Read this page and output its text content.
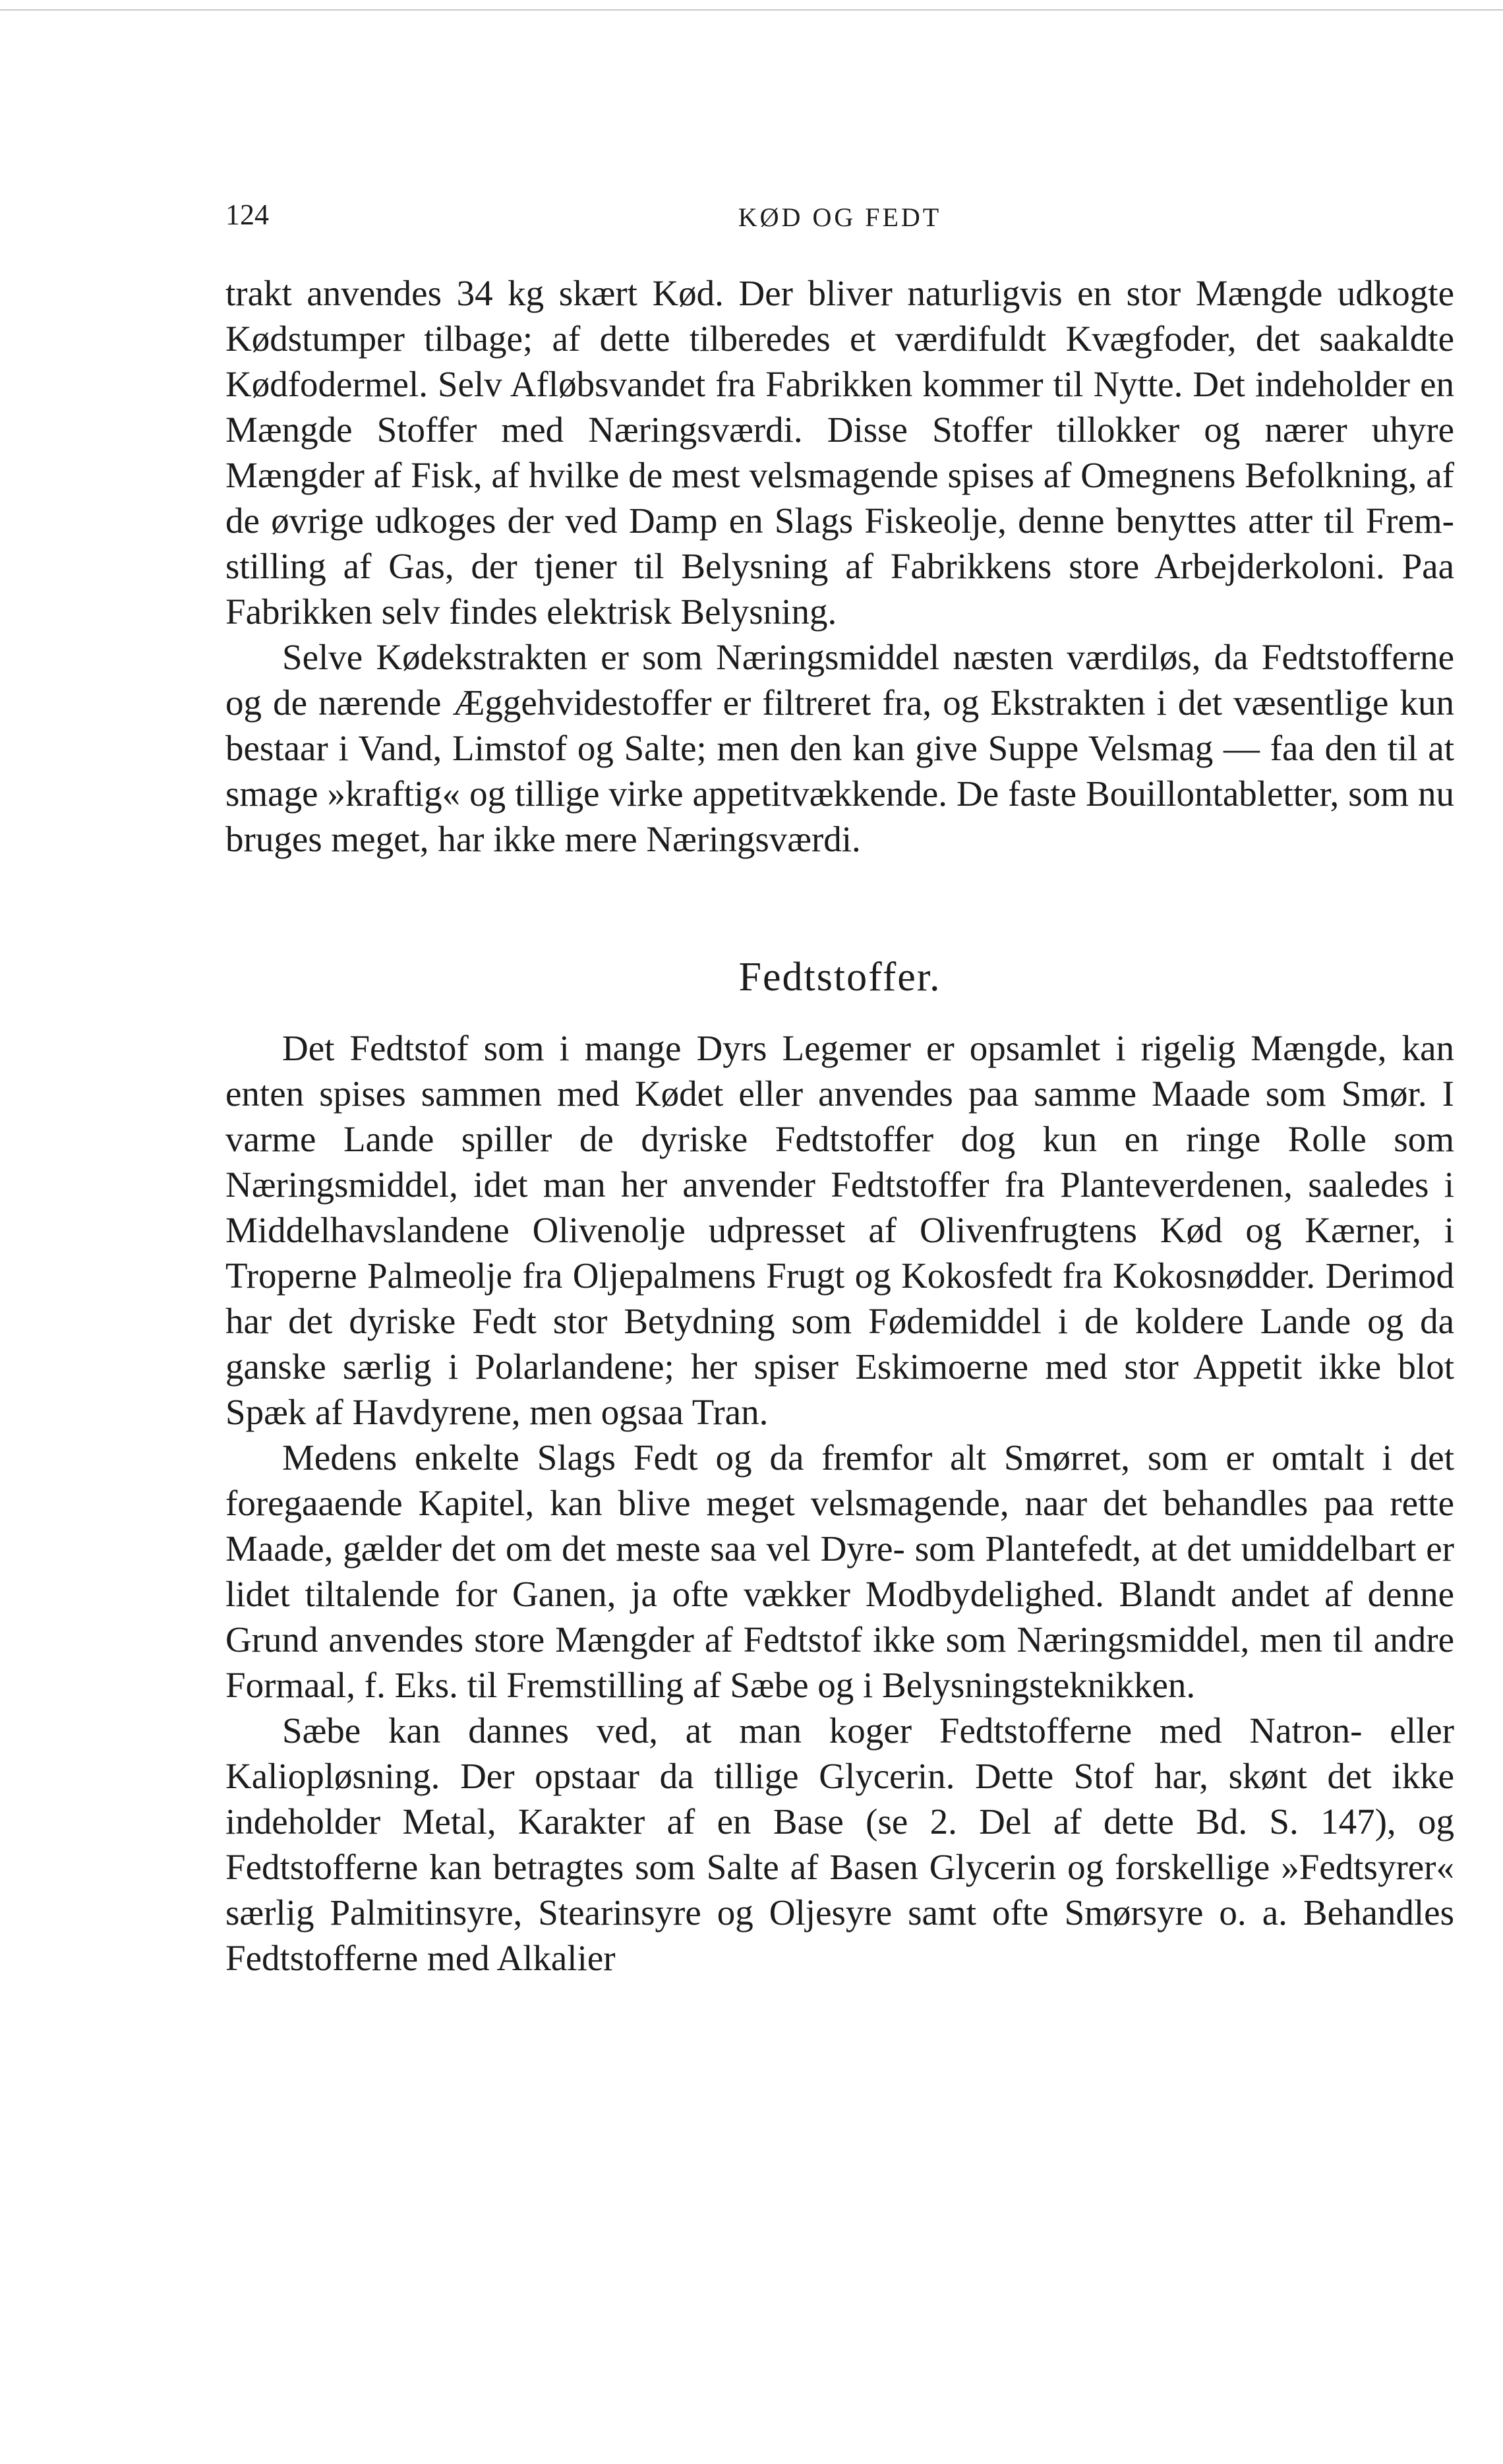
124	KØD OG FEDT

trakt anvendes 34 kg skært Kød. Der bliver naturligvis en stor Mængde udkogte Kødstumper tilbage; af dette tilberedes et værdifuldt Kvægfoder, det saakaldte Kødfodermel. Selv Afløbsvandet fra Fabrikken kommer til Nytte. Det indeholder en Mængde Stoffer med Næringsværdi. Disse Stoffer tillokker og nærer uhyre Mængder af Fisk, af hvilke de mest velsmagende spises af Omegnens Befolkning, af de øvrige udkoges der ved Damp en Slags Fiskeolje, denne benyttes atter til Fremstilling af Gas, der tjener til Belysning af Fabrikkens store Arbejderkoloni. Paa Fabrikken selv findes elektrisk Belysning.

Selve Kødekstrakten er som Næringsmiddel næsten værdiløs, da Fedtstofferne og de nærende Æggehvidestoffer er filtreret fra, og Ekstrakten i det væsentlige kun bestaar i Vand, Limstof og Salte; men den kan give Suppe Velsmag — faa den til at smage »kraftig« og tillige virke appetitvækkende. De faste Bouillontabletter, som nu bruges meget, har ikke mere Næringsværdi.

Fedtstoffer.

Det Fedtstof som i mange Dyrs Legemer er opsamlet i rigelig Mængde, kan enten spises sammen med Kødet eller anvendes paa samme Maade som Smør. I varme Lande spiller de dyriske Fedtstoffer dog kun en ringe Rolle som Næringsmiddel, idet man her anvender Fedtstoffer fra Planteverdenen, saaledes i Middelhavslandene Olivenolje udpresset af Olivenfrugtens Kød og Kærner, i Troperne Palmeolje fra Oljepalmens Frugt og Kokosfedt fra Kokosnødder. Derimod har det dyriske Fedt stor Betydning som Fødemiddel i de koldere Lande og da ganske særlig i Polarlandene; her spiser Eskimoerne med stor Appetit ikke blot Spæk af Havdyrene, men ogsaa Tran.

Medens enkelte Slags Fedt og da fremfor alt Smørret, som er omtalt i det foregaaende Kapitel, kan blive meget velsmagende, naar det behandles paa rette Maade, gælder det om det meste saa vel Dyre- som Plantefedt, at det umiddelbart er lidet tiltalende for Ganen, ja ofte vækker Modbydelighed. Blandt andet af denne Grund anvendes store Mængder af Fedtstof ikke som Næringsmiddel, men til andre Formaal, f. Eks. til Fremstilling af Sæbe og i Belysningsteknikken.

Sæbe kan dannes ved, at man koger Fedtstofferne med Natron- eller Kaliopløsning. Der opstaar da tillige Glycerin. Dette Stof har, skønt det ikke indeholder Metal, Karakter af en Base (se 2. Del af dette Bd. S. 147), og Fedtstofferne kan betragtes som Salte af Basen Glycerin og forskellige »Fedtsyrer« særlig Palmitinsyre, Stearinsyre og Oljesyre samt ofte Smørsyre o. a. Behandles Fedtstofferne med Alkalier
